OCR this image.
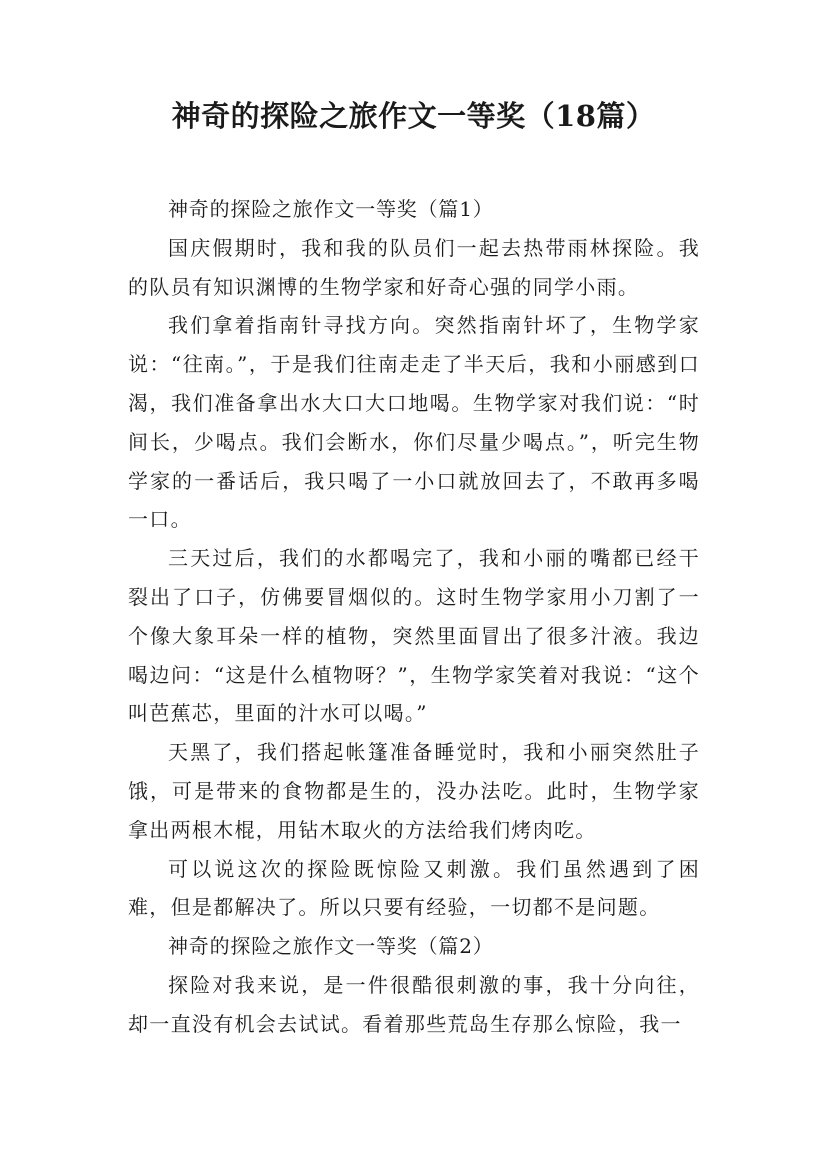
神奇的探险之旅作文一等奖（18篇）

神奇的探险之旅作文一等奖（篇1）

国庆假期时，我和我的队员们一起去热带雨林探险。我的队员有知识渊博的生物学家和好奇心强的同学小雨。

我们拿着指南针寻找方向。突然指南针坏了，生物学家说：“往南。”，于是我们往南走走了半天后，我和小丽感到口渴，我们准备拿出水大口大口地喝。生物学家对我们说：“时间长，少喝点。我们会断水，你们尽量少喝点。”，听完生物学家的一番话后，我只喝了一小口就放回去了，不敢再多喝一口。

三天过后，我们的水都喝完了，我和小丽的嘴都已经干裂出了口子，仿佛要冒烟似的。这时生物学家用小刀割了一个像大象耳朵一样的植物，突然里面冒出了很多汁液。我边喝边问：“这是什么植物呀？”，生物学家笑着对我说：“这个叫芭蕉芯，里面的汁水可以喝。”

天黑了，我们搭起帐篷准备睡觉时，我和小丽突然肚子饿，可是带来的食物都是生的，没办法吃。此时，生物学家拿出两根木棍，用钻木取火的方法给我们烤肉吃。

可以说这次的探险既惊险又刺激。我们虽然遇到了困难，但是都解决了。所以只要有经验，一切都不是问题。

神奇的探险之旅作文一等奖（篇2）

探险对我来说，是一件很酷很刺激的事，我十分向往，却一直没有机会去试试。看着那些荒岛生存那么惊险，我一
